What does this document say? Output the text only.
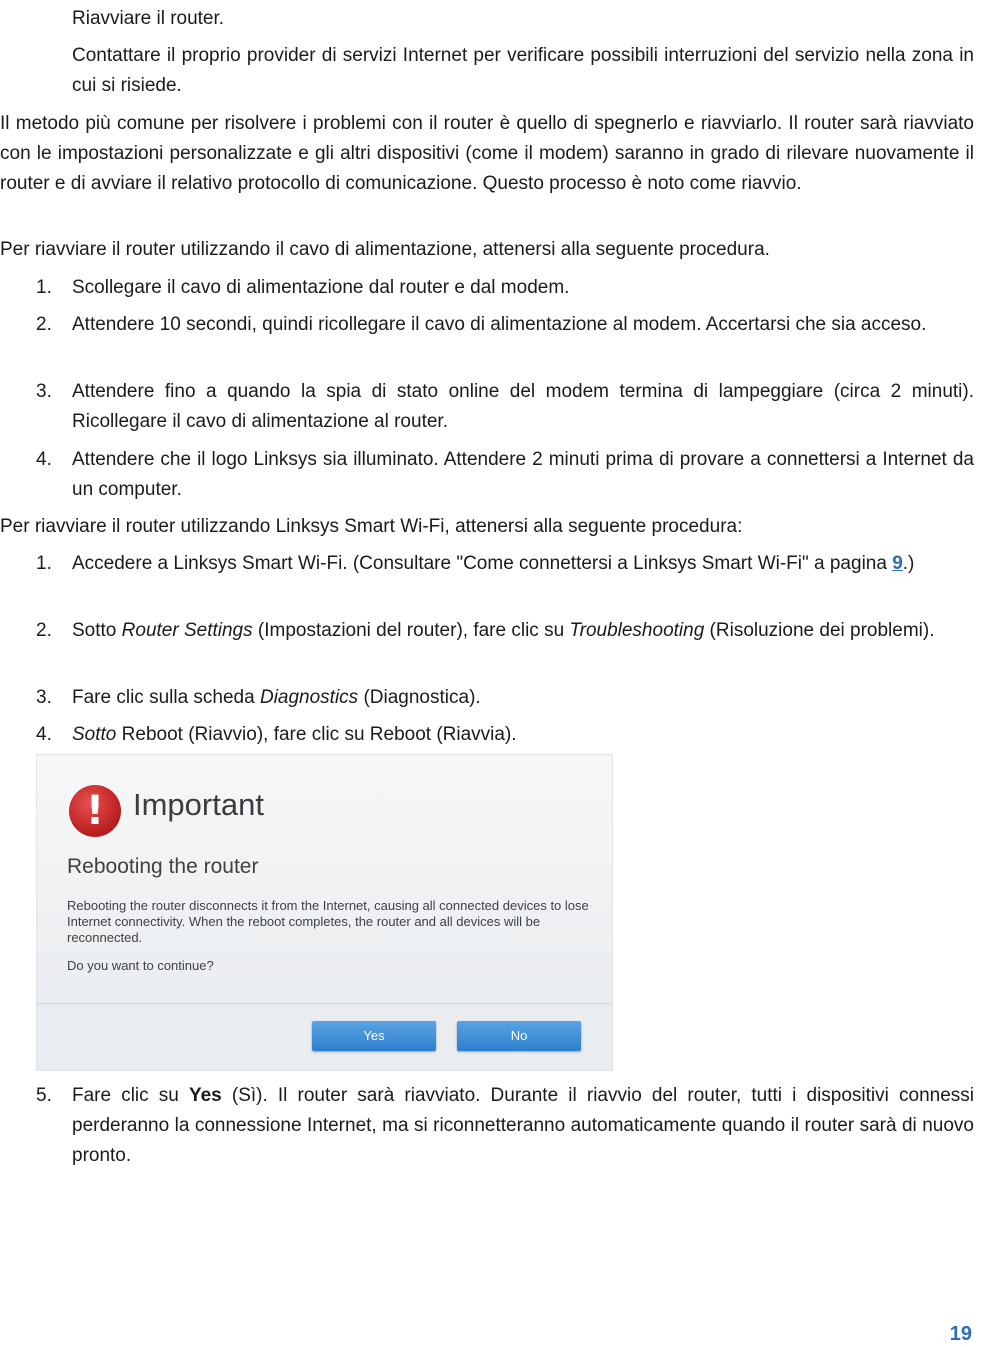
Riavviare il router.

Contattare il proprio provider di servizi Internet per verificare possibili interruzioni del servizio nella zona in cui si risiede.

Il metodo più comune per risolvere i problemi con il router è quello di spegnerlo e riavviarlo. Il router sarà riavviato con le impostazioni personalizzate e gli altri dispositivi (come il modem) saranno in grado di rilevare nuovamente il router e di avviare il relativo protocollo di comunicazione. Questo processo è noto come riavvio.

Per riavviare il router utilizzando il cavo di alimentazione, attenersi alla seguente procedura.

1. Scollegare il cavo di alimentazione dal router e dal modem.
2. Attendere 10 secondi, quindi ricollegare il cavo di alimentazione al modem. Accertarsi che sia acceso.
3. Attendere fino a quando la spia di stato online del modem termina di lampeggiare (circa 2 minuti). Ricollegare il cavo di alimentazione al router.
4. Attendere che il logo Linksys sia illuminato. Attendere 2 minuti prima di provare a connettersi a Internet da un computer.

Per riavviare il router utilizzando Linksys Smart Wi-Fi, attenersi alla seguente procedura:

1. Accedere a Linksys Smart Wi-Fi. (Consultare "Come connettersi a Linksys Smart Wi-Fi" a pagina 9.)
2. Sotto Router Settings (Impostazioni del router), fare clic su Troubleshooting (Risoluzione dei problemi).
3. Fare clic sulla scheda Diagnostics (Diagnostica).
4. Sotto Reboot (Riavvio), fare clic su Reboot (Riavvia).
! Important
Rebooting the router
Rebooting the router disconnects it from the Internet, causing all connected devices to lose Internet connectivity. When the reboot completes, the router and all devices will be reconnected.
Do you want to continue?
Yes	No
5. Fare clic su Yes (Sì). Il router sarà riavviato. Durante il riavvio del router, tutti i dispositivi connessi perderanno la connessione Internet, ma si riconnetteranno automaticamente quando il router sarà di nuovo pronto.
19
